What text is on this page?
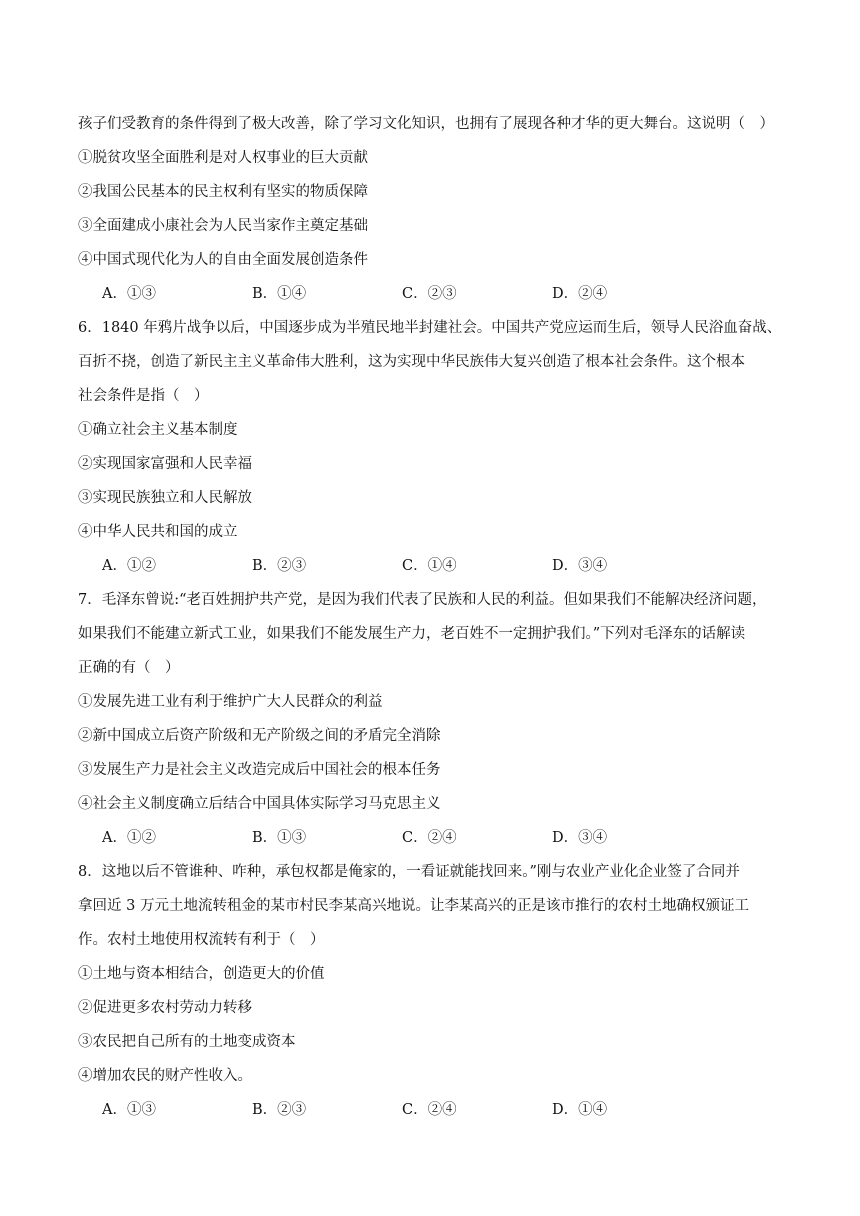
孩子们受教育的条件得到了极大改善，除了学习文化知识，也拥有了展现各种才华的更大舞台。这说明（　）
①脱贫攻坚全面胜利是对人权事业的巨大贡献
②我国公民基本的民主权利有坚实的物质保障
③全面建成小康社会为人民当家作主奠定基础
④中国式现代化为人的自由全面发展创造条件
A．①③	B．①④	C．②③	D．②④
6．1840 年鸦片战争以后，中国逐步成为半殖民地半封建社会。中国共产党应运而生后，领导人民浴血奋战、
百折不挠，创造了新民主主义革命伟大胜利，这为实现中华民族伟大复兴创造了根本社会条件。这个根本
社会条件是指（　）
①确立社会主义基本制度
②实现国家富强和人民幸福
③实现民族独立和人民解放
④中华人民共和国的成立
A．①②	B．②③	C．①④	D．③④
7．毛泽东曾说:“老百姓拥护共产党，是因为我们代表了民族和人民的利益。但如果我们不能解决经济问题，
如果我们不能建立新式工业，如果我们不能发展生产力，老百姓不一定拥护我们。”下列对毛泽东的话解读
正确的有（　）
①发展先进工业有利于维护广大人民群众的利益
②新中国成立后资产阶级和无产阶级之间的矛盾完全消除
③发展生产力是社会主义改造完成后中国社会的根本任务
④社会主义制度确立后结合中国具体实际学习马克思主义
A．①②	B．①③	C．②④	D．③④
8．这地以后不管谁种、咋种，承包权都是俺家的，一看证就能找回来。”刚与农业产业化企业签了合同并
拿回近 3 万元土地流转租金的某市村民李某高兴地说。让李某高兴的正是该市推行的农村土地确权颁证工
作。农村土地使用权流转有利于（　）
①土地与资本相结合，创造更大的价值
②促进更多农村劳动力转移
③农民把自己所有的土地变成资本
④增加农民的财产性收入。
A．①③	B．②③	C．②④	D．①④
